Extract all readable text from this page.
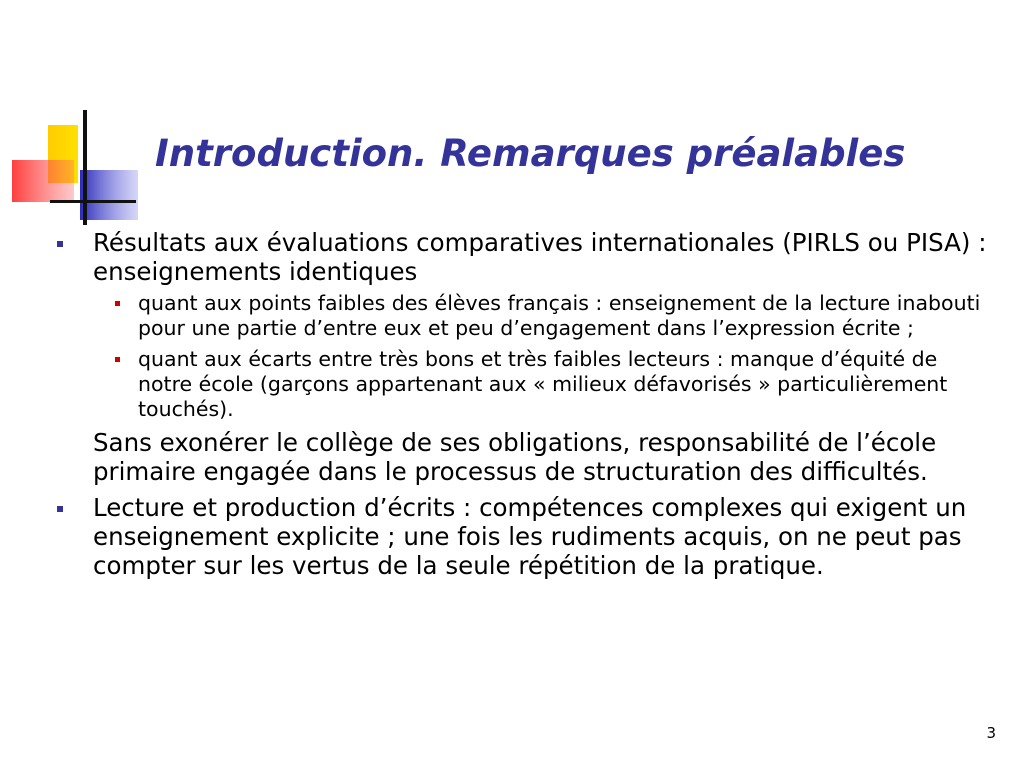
Introduction. Remarques préalables
Résultats aux évaluations comparatives internationales (PIRLS ou PISA) : enseignements identiques
quant aux points faibles des élèves français : enseignement de la lecture inabouti pour une partie d’entre eux et peu d’engagement dans l’expression écrite ;
quant aux écarts entre très bons et très faibles lecteurs : manque d’équité de notre école (garçons appartenant aux « milieux défavorisés » particulièrement touchés).
Sans exonérer le collège de ses obligations, responsabilité de l’école primaire engagée dans le processus de structuration des difficultés.
Lecture et production d’écrits : compétences complexes qui exigent un enseignement explicite ; une fois les rudiments acquis, on ne peut pas compter sur les vertus de la seule répétition de la pratique.
3
